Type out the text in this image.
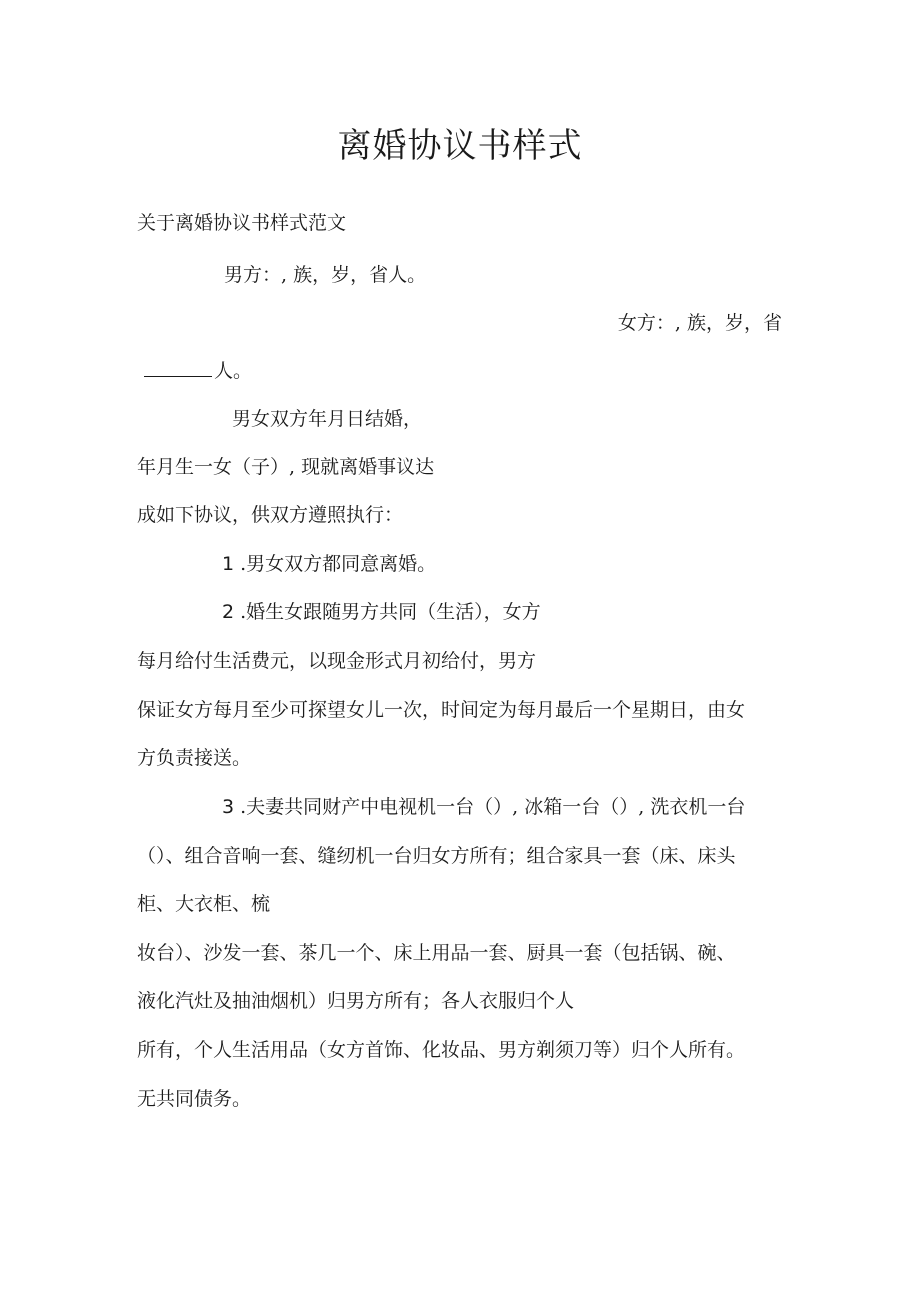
离婚协议书样式
关于离婚协议书样式范文
男方：, 族，岁，省人。
女方：, 族，岁，省
人。
男女双方年月日结婚，
年月生一女（子）, 现就离婚事议达
成如下协议，供双方遵照执行：
1 .男女双方都同意离婚。
2 .婚生女跟随男方共同（生活），女方
每月给付生活费元，以现金形式月初给付，男方
保证女方每月至少可探望女儿一次，时间定为每月最后一个星期日，由女
方负责接送。
3 .夫妻共同财产中电视机一台（）, 冰箱一台（）, 洗衣机一台
（）、组合音响一套、缝纫机一台归女方所有；组合家具一套（床、床头
柜、大衣柜、梳
妆台）、沙发一套、茶几一个、床上用品一套、厨具一套（包括锅、碗、
液化汽灶及抽油烟机）归男方所有；各人衣服归个人
所有，个人生活用品（女方首饰、化妆品、男方剃须刀等）归个人所有。
无共同债务。
